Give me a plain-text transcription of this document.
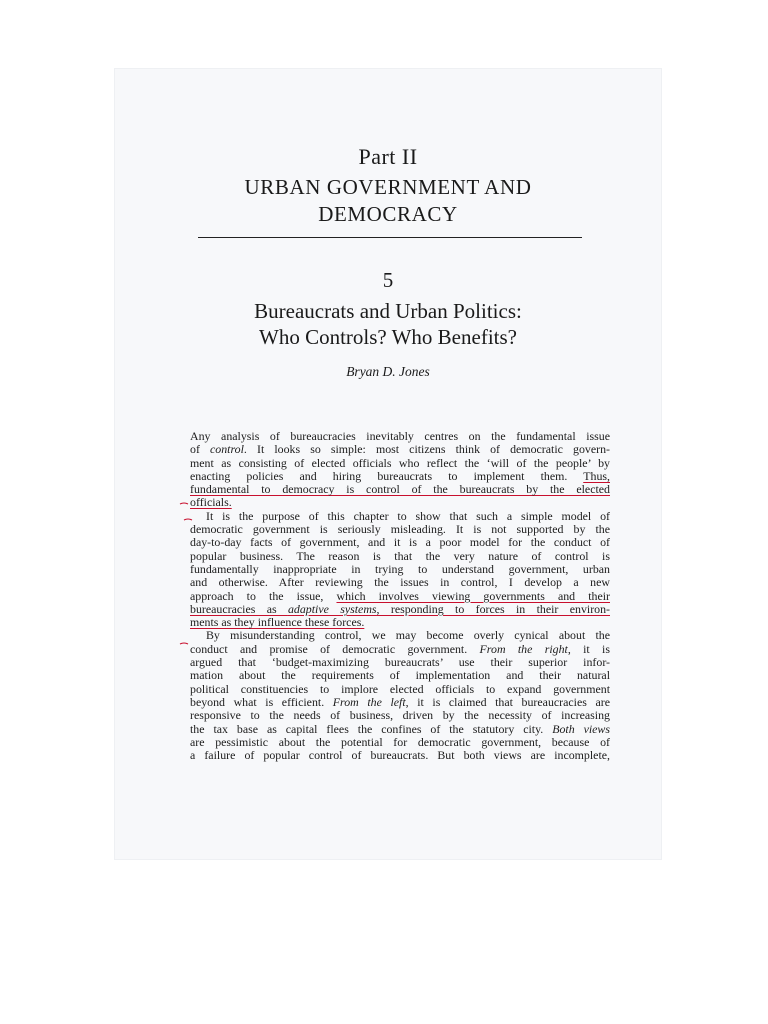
Part II
URBAN GOVERNMENT AND
DEMOCRACY
5
Bureaucrats and Urban Politics:
Who Controls? Who Benefits?
Bryan D. Jones
Any analysis of bureaucracies inevitably centres on the fundamental issue
of control. It looks so simple: most citizens think of democratic govern-
ment as consisting of elected officials who reflect the ‘will of the people’ by
enacting policies and hiring bureaucrats to implement them. Thus,
fundamental to democracy is control of the bureaucrats by the elected
officials.
It is the purpose of this chapter to show that such a simple model of
democratic government is seriously misleading. It is not supported by the
day-to-day facts of government, and it is a poor model for the conduct of
popular business. The reason is that the very nature of control is
fundamentally inappropriate in trying to understand government, urban
and otherwise. After reviewing the issues in control, I develop a new
approach to the issue, which involves viewing governments and their
bureaucracies as adaptive systems, responding to forces in their environ-
ments as they influence these forces.
By misunderstanding control, we may become overly cynical about the
conduct and promise of democratic government. From the right, it is
argued that ‘budget-maximizing bureaucrats’ use their superior infor-
mation about the requirements of implementation and their natural
political constituencies to implore elected officials to expand government
beyond what is efficient. From the left, it is claimed that bureaucracies are
responsive to the needs of business, driven by the necessity of increasing
the tax base as capital flees the confines of the statutory city. Both views
are pessimistic about the potential for democratic government, because of
a failure of popular control of bureaucrats. But both views are incomplete,
